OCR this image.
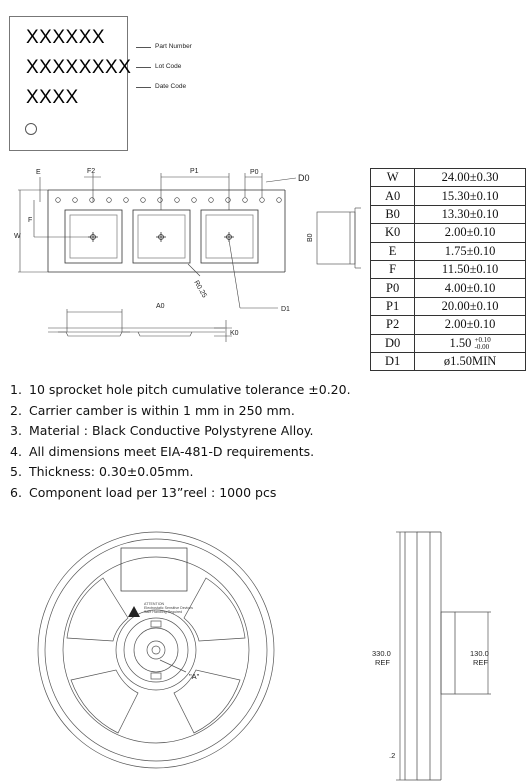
XXXXXX
XXXXXXXX
XXXX
Part Number
Lot Code
Date Code
E	F2	P1	P0
D0
F
W
R0.25
D1
A0
K0
B0
W	24.00±0.30
A0	15.30±0.10
B0	13.30±0.10
K0	2.00±0.10
E	1.75±0.10
F	11.50±0.10
P0	4.00±0.10
P1	20.00±0.10
P2	2.00±0.10
D0	1.50 +0.10
-0.00
D1	ø1.50MIN
1. 10 sprocket hole pitch cumulative tolerance ±0.20.
2. Carrier camber is within 1 mm in 250 mm.
3. Material : Black Conductive Polystyrene Alloy.
4. All dimensions meet EIA-481-D requirements.
5. Thickness: 0.30±0.05mm.
6. Component load per 13”reel : 1000 pcs
ATTENTION
Electrostatic Sensitive Devices
Safe Handling Required
"A"
330.0
REF
130.0
REF
.2
